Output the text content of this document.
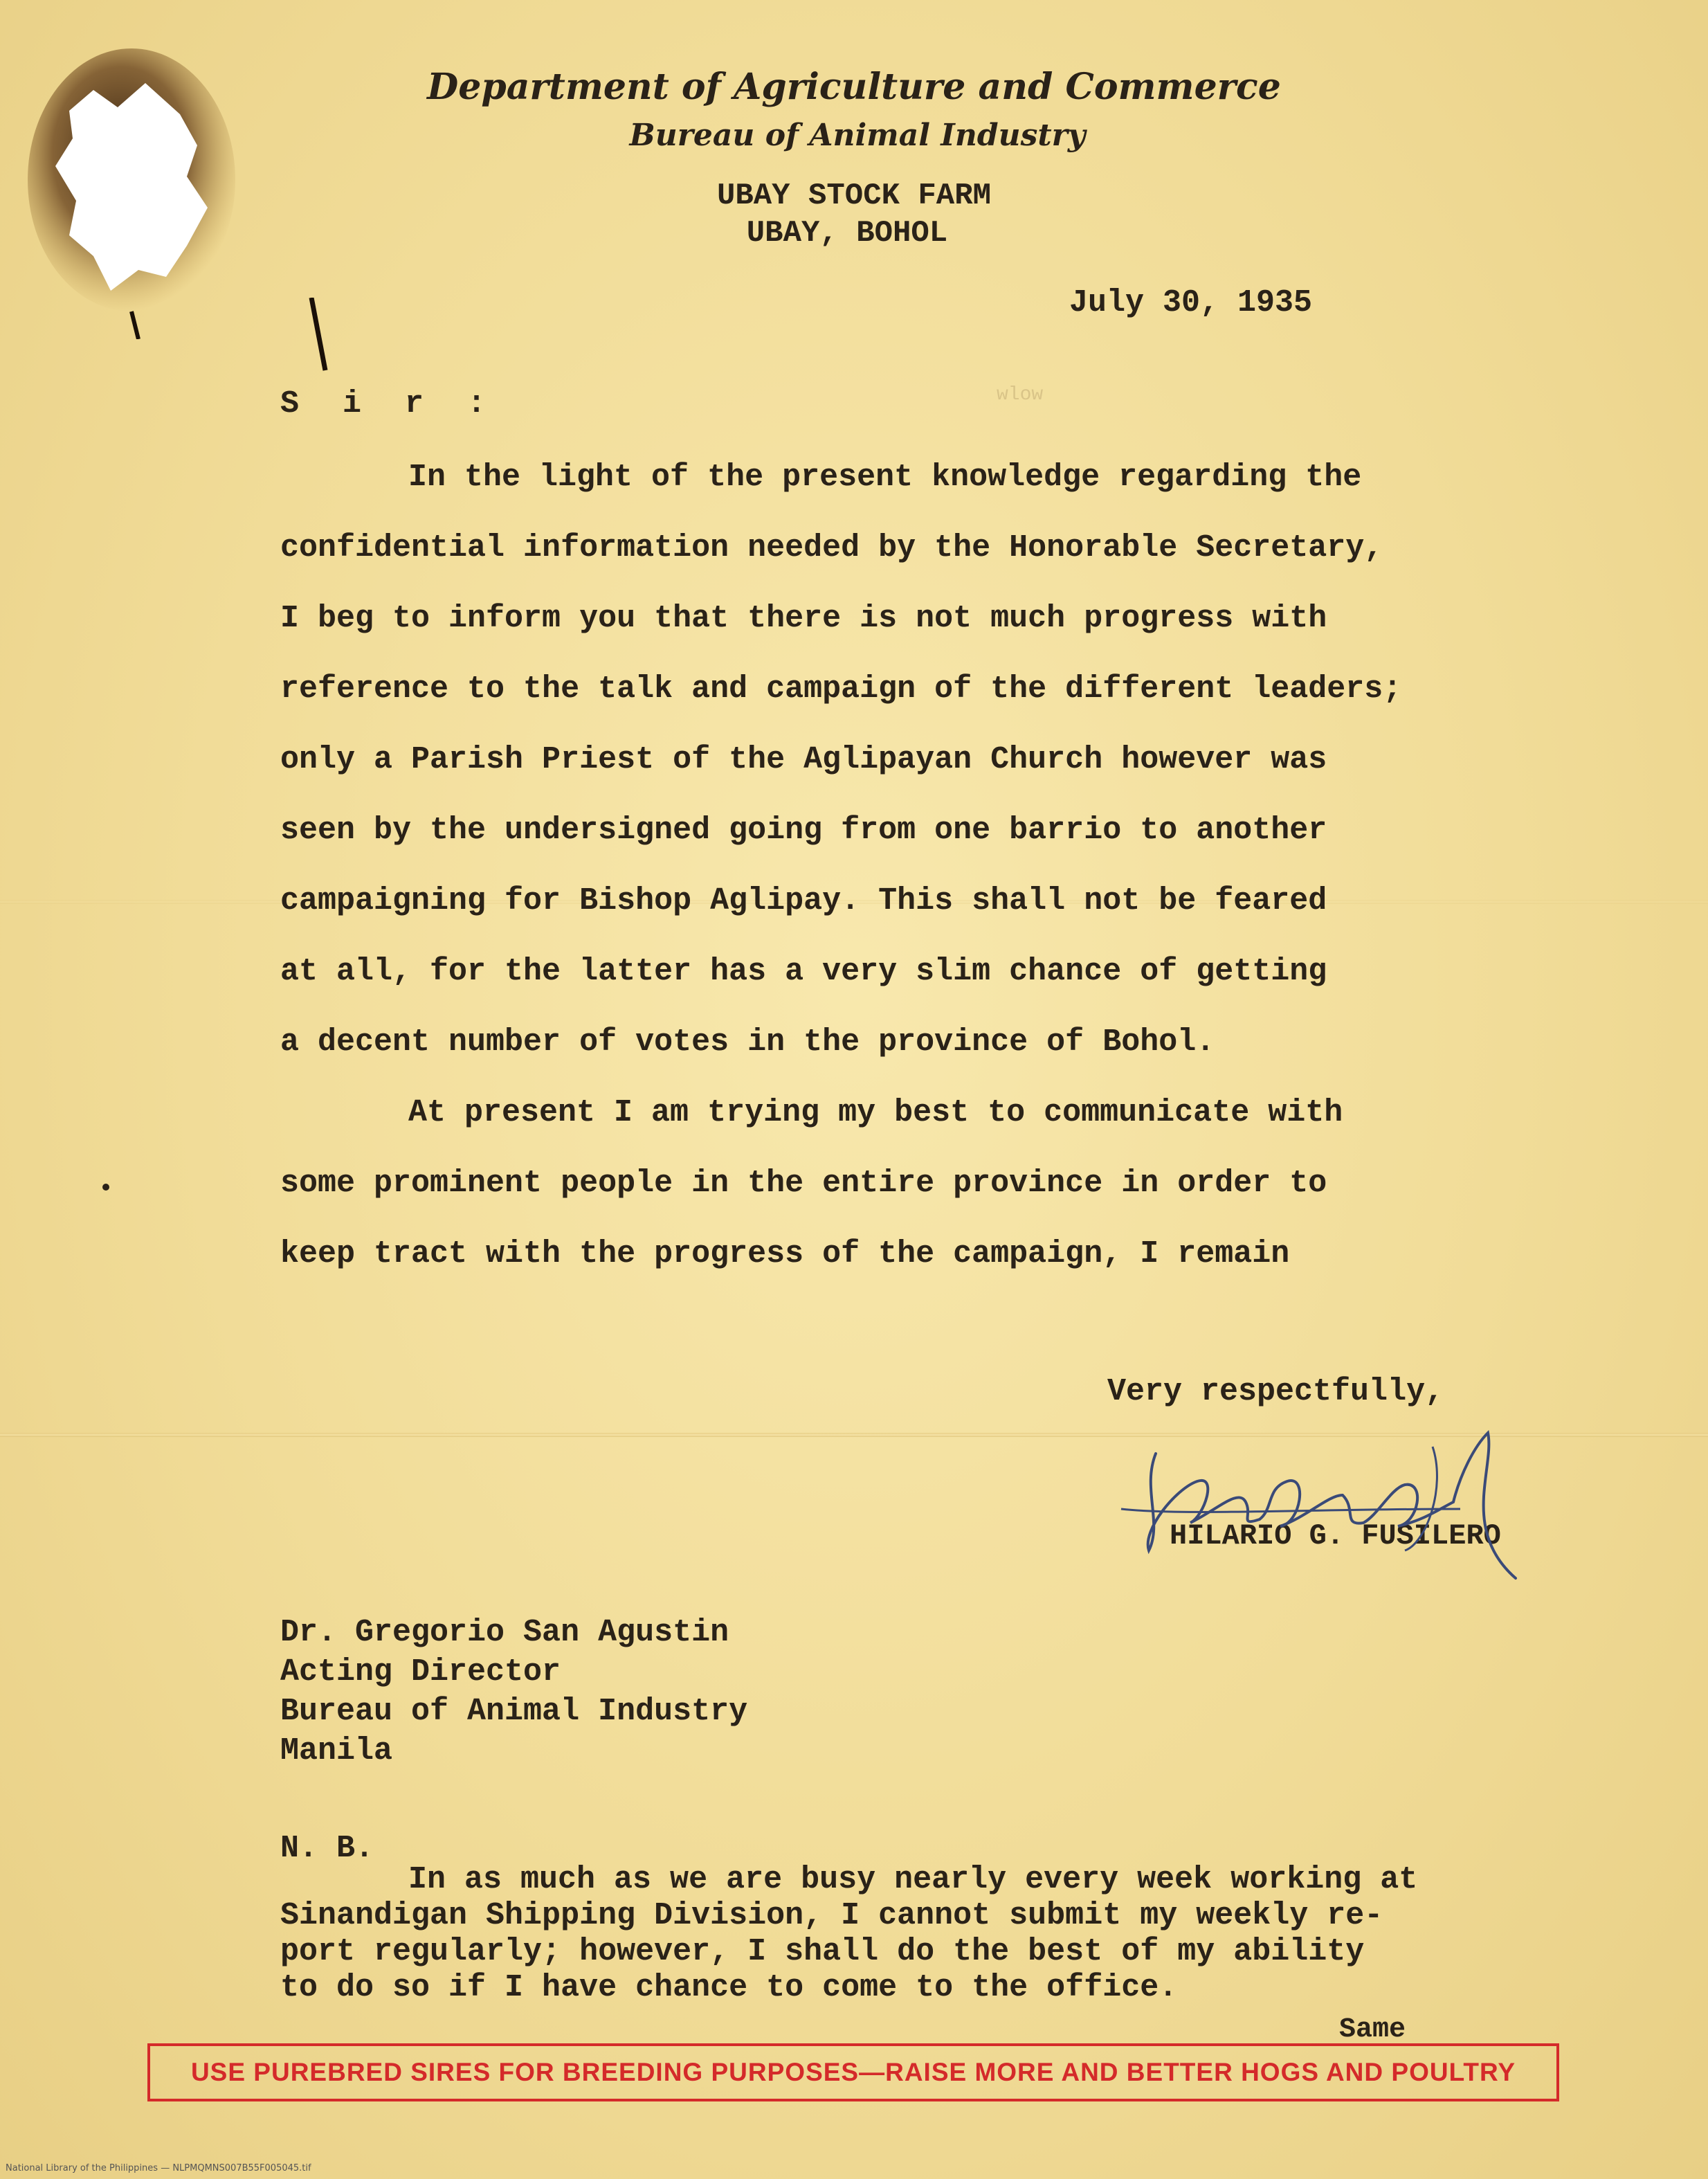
Department of Agriculture and Commerce
Bureau of Animal Industry
UBAY STOCK FARM
UBAY, BOHOL
July 30, 1935
wlow
S i r :
In the light of the present knowledge regarding the
confidential information needed by the Honorable Secretary,
I beg to inform you that there is not much progress with
reference to the talk and campaign of the different leaders;
only a Parish Priest of the Aglipayan Church however was
seen by the undersigned going from one barrio to another
campaigning for Bishop Aglipay. This shall not be feared
at all, for the latter has a very slim chance of getting
a decent number of votes in the province of Bohol.
At present I am trying my best to communicate with
some prominent people in the entire province in order to
keep tract with the progress of the campaign, I remain
Very respectfully,
HILARIO G. FUSILERO
Dr. Gregorio San Agustin
Acting Director
Bureau of Animal Industry
Manila
N. B.
In as much as we are busy nearly every week working at
Sinandigan Shipping Division, I cannot submit my weekly re-
port regularly; however, I shall do the best of my ability
to do so if I have chance to come to the office.
Same
USE PUREBRED SIRES FOR BREEDING PURPOSES—RAISE MORE AND BETTER HOGS AND POULTRY
National Library of the Philippines — NLPMQMNS007B55F005045.tif
